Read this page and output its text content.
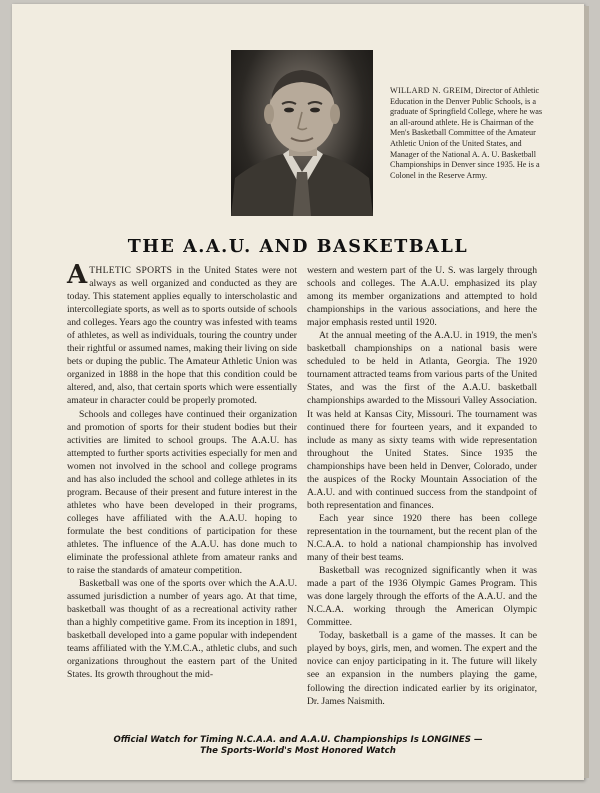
WILLARD N. GREIM, Director of Athletic Education in the Denver Public Schools, is a graduate of Springfield College, where he was an all-around athlete. He is Chairman of the Men's Basketball Committee of the Amateur Athletic Union of the United States, and Manager of the National A. A. U. Basketball Championships in Denver since 1935. He is a Colonel in the Reserve Army.
THE A.A.U. AND BASKETBALL

ATHLETIC SPORTS in the United States were not always as well organized and conducted as they are today. This statement applies equally to interscholastic and intercollegiate sports, as well as to sports outside of schools and colleges. Years ago the country was infested with teams of athletes, as well as individuals, touring the country under their rightful or assumed names, making their living on side bets or duping the public. The Amateur Athletic Union was organized in 1888 in the hope that this condition could be altered, and, also, that certain sports which were essentially amateur in character could be properly promoted.

Schools and colleges have continued their organization and promotion of sports for their student bodies but their activities are limited to school groups. The A.A.U. has attempted to further sports activities especially for men and women not involved in the school and college programs and has also included the school and college athletes in its program. Because of their present and future interest in the athletes who have been developed in their programs, colleges have affiliated with the A.A.U. hoping to formulate the best conditions of participation for these athletes. The influence of the A.A.U. has done much to eliminate the professional athlete from amateur ranks and to raise the standards of amateur competition.

Basketball was one of the sports over which the A.A.U. assumed jurisdiction a number of years ago. At that time, basketball was thought of as a recreational activity rather than a highly competitive game. From its inception in 1891, basketball developed into a game popular with independent teams affiliated with the Y.M.C.A., athletic clubs, and such organizations throughout the eastern part of the United States. Its growth throughout the mid-

western and western part of the U. S. was largely through schools and colleges. The A.A.U. emphasized its play among its member organizations and attempted to hold championships in the various associations, and here the major emphasis rested until 1920.

At the annual meeting of the A.A.U. in 1919, the men's basketball championships on a national basis were scheduled to be held in Atlanta, Georgia. The 1920 tournament attracted teams from various parts of the United States, and was the first of the A.A.U. basketball championships awarded to the Missouri Valley Association. It was held at Kansas City, Missouri. The tournament was continued there for fourteen years, and it expanded to include as many as sixty teams with wide representation throughout the United States. Since 1935 the championships have been held in Denver, Colorado, under the auspices of the Rocky Mountain Association of the A.A.U. and with continued success from the standpoint of both representation and finances.

Each year since 1920 there has been college representation in the tournament, but the recent plan of the N.C.A.A. to hold a national championship has involved many of their best teams.

Basketball was recognized significantly when it was made a part of the 1936 Olympic Games Program. This was done largely through the efforts of the A.A.U. and the N.C.A.A. working through the American Olympic Committee.

Today, basketball is a game of the masses. It can be played by boys, girls, men, and women. The expert and the novice can enjoy participating in it. The future will likely see an expansion in the numbers playing the game, following the direction indicated earlier by its originator, Dr. James Naismith.

Official Watch for Timing N.C.A.A. and A.A.U. Championships Is LONGINES —
The Sports-World's Most Honored Watch
